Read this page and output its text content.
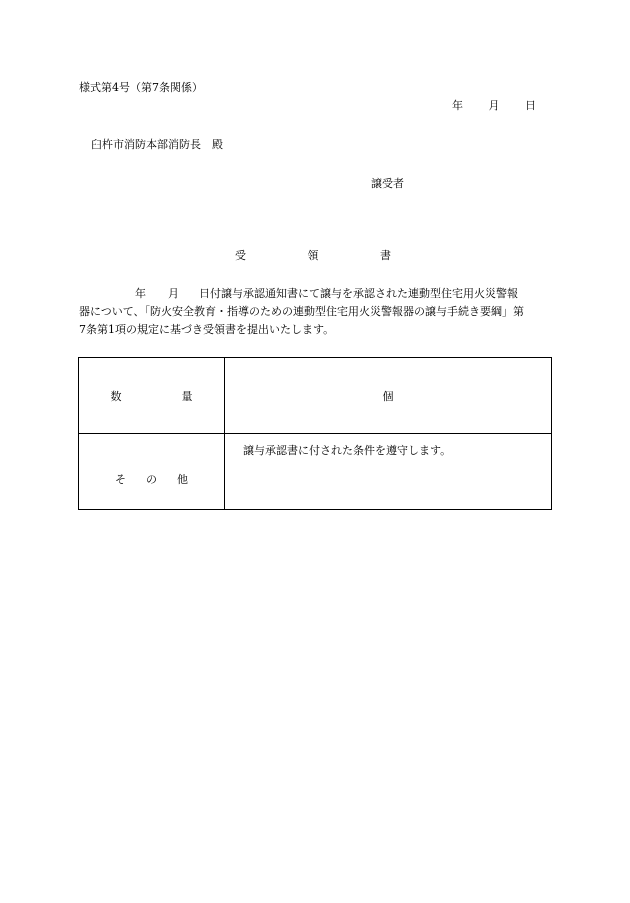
様式第4号（第7条関係）
年 月 日
臼杵市消防本部消防長　殿
譲受者
受	領	書
年 月 日付譲与承認通知書にて譲与を承認された連動型住宅用火災警報
器について、「防火安全教育・指導のための連動型住宅用火災警報器の譲与手続き要綱」第
7条第1項の規定に基づき受領書を提出いたします。
数 量	個
そ の 他	譲与承認書に付された条件を遵守します。
